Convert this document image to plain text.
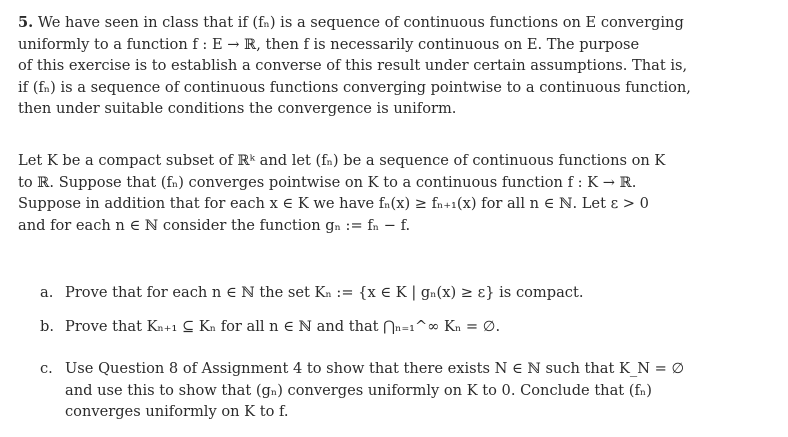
5. We have seen in class that if (fₙ) is a sequence of continuous functions on E converging
uniformly to a function f : E → ℝ, then f is necessarily continuous on E. The purpose
of this exercise is to establish a converse of this result under certain assumptions. That is,
if (fₙ) is a sequence of continuous functions converging pointwise to a continuous function,
then under suitable conditions the convergence is uniform.
Let K be a compact subset of ℝᵏ and let (fₙ) be a sequence of continuous functions on K
to ℝ. Suppose that (fₙ) converges pointwise on K to a continuous function f : K → ℝ.
Suppose in addition that for each x ∈ K we have fₙ(x) ≥ fₙ₊₁(x) for all n ∈ ℕ. Let ε > 0
and for each n ∈ ℕ consider the function gₙ := fₙ − f.
a. Prove that for each n ∈ ℕ the set Kₙ := {x ∈ K | gₙ(x) ≥ ε} is compact.
b. Prove that Kₙ₊₁ ⊆ Kₙ for all n ∈ ℕ and that ⋂ₙ₌₁^∞ Kₙ = ∅.
c. Use Question 8 of Assignment 4 to show that there exists N ∈ ℕ such that K_N = ∅
and use this to show that (gₙ) converges uniformly on K to 0. Conclude that (fₙ)
converges uniformly on K to f.
